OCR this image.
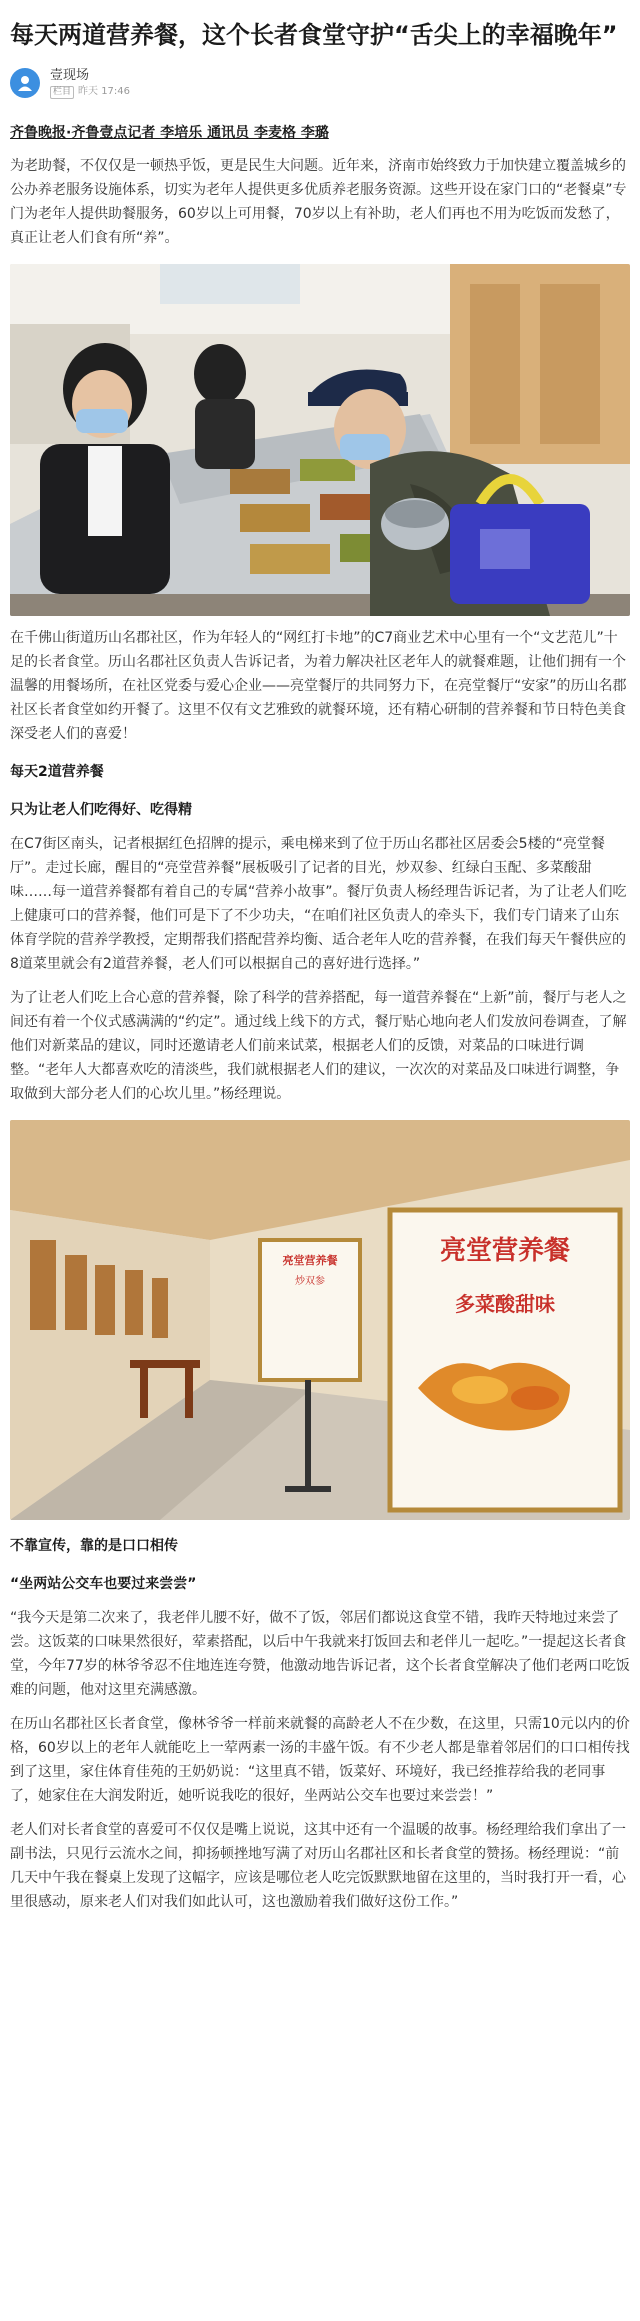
每天两道营养餐，这个长者食堂守护“舌尖上的幸福晚年”
壹现场
栏目 昨天 17:46

齐鲁晚报·齐鲁壹点记者 李培乐 通讯员 李麦格 李璐

为老助餐，不仅仅是一顿热乎饭，更是民生大问题。近年来，济南市始终致力于加快建立覆盖城乡的公办养老服务设施体系，切实为老年人提供更多优质养老服务资源。这些开设在家门口的“老餐桌”专门为老年人提供助餐服务，60岁以上可用餐，70岁以上有补助，老人们再也不用为吃饭而发愁了，真正让老人们食有所“养”。

在千佛山街道历山名郡社区，作为年轻人的“网红打卡地”的C7商业艺术中心里有一个“文艺范儿”十足的长者食堂。历山名郡社区负责人告诉记者，为着力解决社区老年人的就餐难题，让他们拥有一个温馨的用餐场所，在社区党委与爱心企业——亮堂餐厅的共同努力下，在亮堂餐厅“安家”的历山名郡社区长者食堂如约开餐了。这里不仅有文艺雅致的就餐环境，还有精心研制的营养餐和节日特色美食深受老人们的喜爱！

每天2道营养餐

只为让老人们吃得好、吃得精

在C7街区南头，记者根据红色招牌的提示，乘电梯来到了位于历山名郡社区居委会5楼的“亮堂餐厅”。走过长廊，醒目的“亮堂营养餐”展板吸引了记者的目光，炒双参、红绿白玉配、多菜酸甜味……每一道营养餐都有着自己的专属“营养小故事”。餐厅负责人杨经理告诉记者，为了让老人们吃上健康可口的营养餐，他们可是下了不少功夫，“在咱们社区负责人的牵头下，我们专门请来了山东体育学院的营养学教授，定期帮我们搭配营养均衡、适合老年人吃的营养餐，在我们每天午餐供应的8道菜里就会有2道营养餐，老人们可以根据自己的喜好进行选择。”

为了让老人们吃上合心意的营养餐，除了科学的营养搭配，每一道营养餐在“上新”前，餐厅与老人之间还有着一个仪式感满满的“约定”。通过线上线下的方式，餐厅贴心地向老人们发放问卷调查，了解他们对新菜品的建议，同时还邀请老人们前来试菜，根据老人们的反馈，对菜品的口味进行调整。“老年人大都喜欢吃的清淡些，我们就根据老人们的建议，一次次的对菜品及口味进行调整，争取做到大部分老人们的心坎儿里。”杨经理说。

亮堂营养餐
多菜酸甜味
亮堂营养餐
炒双参

不靠宣传，靠的是口口相传

“坐两站公交车也要过来尝尝”

“我今天是第二次来了，我老伴儿腰不好，做不了饭，邻居们都说这食堂不错，我昨天特地过来尝了尝。这饭菜的口味果然很好，荤素搭配，以后中午我就来打饭回去和老伴儿一起吃。”一提起这长者食堂，今年77岁的林爷爷忍不住地连连夸赞，他激动地告诉记者，这个长者食堂解决了他们老两口吃饭难的问题，他对这里充满感激。

在历山名郡社区长者食堂，像林爷爷一样前来就餐的高龄老人不在少数，在这里，只需10元以内的价格，60岁以上的老年人就能吃上一荤两素一汤的丰盛午饭。有不少老人都是靠着邻居们的口口相传找到了这里，家住体育佳苑的王奶奶说：“这里真不错，饭菜好、环境好，我已经推荐给我的老同事了，她家住在大润发附近，她听说我吃的很好，坐两站公交车也要过来尝尝！”

老人们对长者食堂的喜爱可不仅仅是嘴上说说，这其中还有一个温暖的故事。杨经理给我们拿出了一副书法，只见行云流水之间，抑扬顿挫地写满了对历山名郡社区和长者食堂的赞扬。杨经理说：“前几天中午我在餐桌上发现了这幅字，应该是哪位老人吃完饭默默地留在这里的，当时我打开一看，心里很感动，原来老人们对我们如此认可，这也激励着我们做好这份工作。”
